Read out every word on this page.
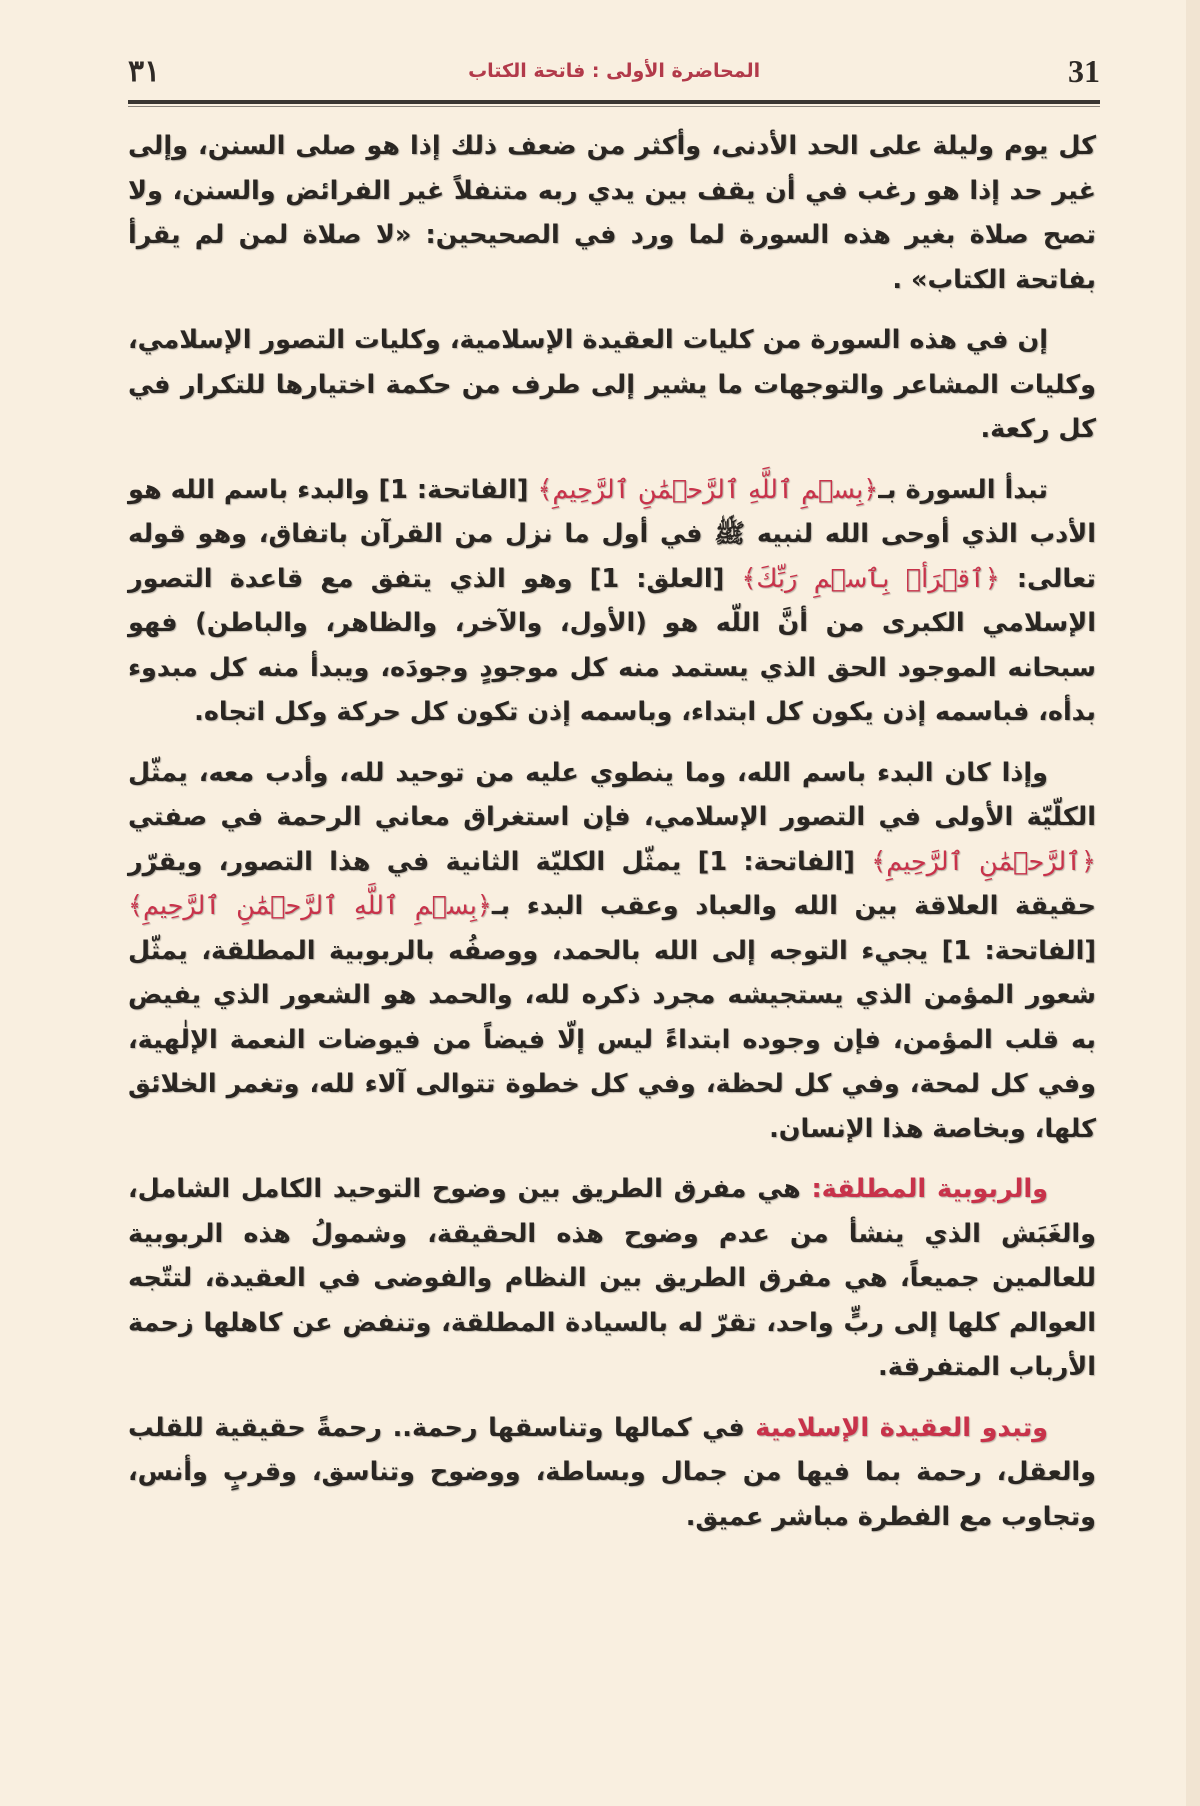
٣١	المحاضرة الأولى : فاتحة الكتاب	31

كل يوم وليلة على الحد الأدنى، وأكثر من ضعف ذلك إذا هو صلى السنن، وإلى غير حد إذا هو رغب في أن يقف بين يدي ربه متنفلاً غير الفرائض والسنن، ولا تصح صلاة بغير هذه السورة لما ورد في الصحيحين: «لا صلاة لمن لم يقرأ بفاتحة الكتاب» .

إن في هذه السورة من كليات العقيدة الإسلامية، وكليات التصور الإسلامي، وكليات المشاعر والتوجهات ما يشير إلى طرف من حكمة اختيارها للتكرار في كل ركعة.

تبدأ السورة بـ﴿بِسۡمِ ٱللَّهِ ٱلرَّحۡمَٰنِ ٱلرَّحِيمِ﴾ [الفاتحة: 1] والبدء باسم الله هو الأدب الذي أوحى الله لنبيه ﷺ في أول ما نزل من القرآن باتفاق، وهو قوله تعالى: ﴿ٱقۡرَأۡ بِٱسۡمِ رَبِّكَ﴾ [العلق: 1] وهو الذي يتفق مع قاعدة التصور الإسلامي الكبرى من أنَّ اللّه هو (الأول، والآخر، والظاهر، والباطن) فهو سبحانه الموجود الحق الذي يستمد منه كل موجودٍ وجودَه، ويبدأ منه كل مبدوء بدأه، فباسمه إذن يكون كل ابتداء، وباسمه إذن تكون كل حركة وكل اتجاه.

وإذا كان البدء باسم الله، وما ينطوي عليه من توحيد لله، وأدب معه، يمثّل الكلّيّة الأولى في التصور الإسلامي، فإن استغراق معاني الرحمة في صفتي ﴿ٱلرَّحۡمَٰنِ ٱلرَّحِيمِ﴾ [الفاتحة: 1] يمثّل الكليّة الثانية في هذا التصور، ويقرّر حقيقة العلاقة بين الله والعباد وعقب البدء بـ﴿بِسۡمِ ٱللَّهِ ٱلرَّحۡمَٰنِ ٱلرَّحِيمِ﴾ [الفاتحة: 1] يجيء التوجه إلى الله بالحمد، ووصفُه بالربوبية المطلقة، يمثّل شعور المؤمن الذي يستجيشه مجرد ذكره لله، والحمد هو الشعور الذي يفيض به قلب المؤمن، فإن وجوده ابتداءً ليس إلّا فيضاً من فيوضات النعمة الإلٰهية، وفي كل لمحة، وفي كل لحظة، وفي كل خطوة تتوالى آلاء لله، وتغمر الخلائق كلها، وبخاصة هذا الإنسان.

والربوبية المطلقة: هي مفرق الطريق بين وضوح التوحيد الكامل الشامل، والغَبَش الذي ينشأ من عدم وضوح هذه الحقيقة، وشمولُ هذه الربوبية للعالمين جميعاً، هي مفرق الطريق بين النظام والفوضى في العقيدة، لتتّجه العوالم كلها إلى ربٍّ واحد، تقرّ له بالسيادة المطلقة، وتنفض عن كاهلها زحمة الأرباب المتفرقة.

وتبدو العقيدة الإسلامية في كمالها وتناسقها رحمة.. رحمةً حقيقية للقلب والعقل، رحمة بما فيها من جمال وبساطة، ووضوح وتناسق، وقربٍ وأنس، وتجاوب مع الفطرة مباشر عميق.
